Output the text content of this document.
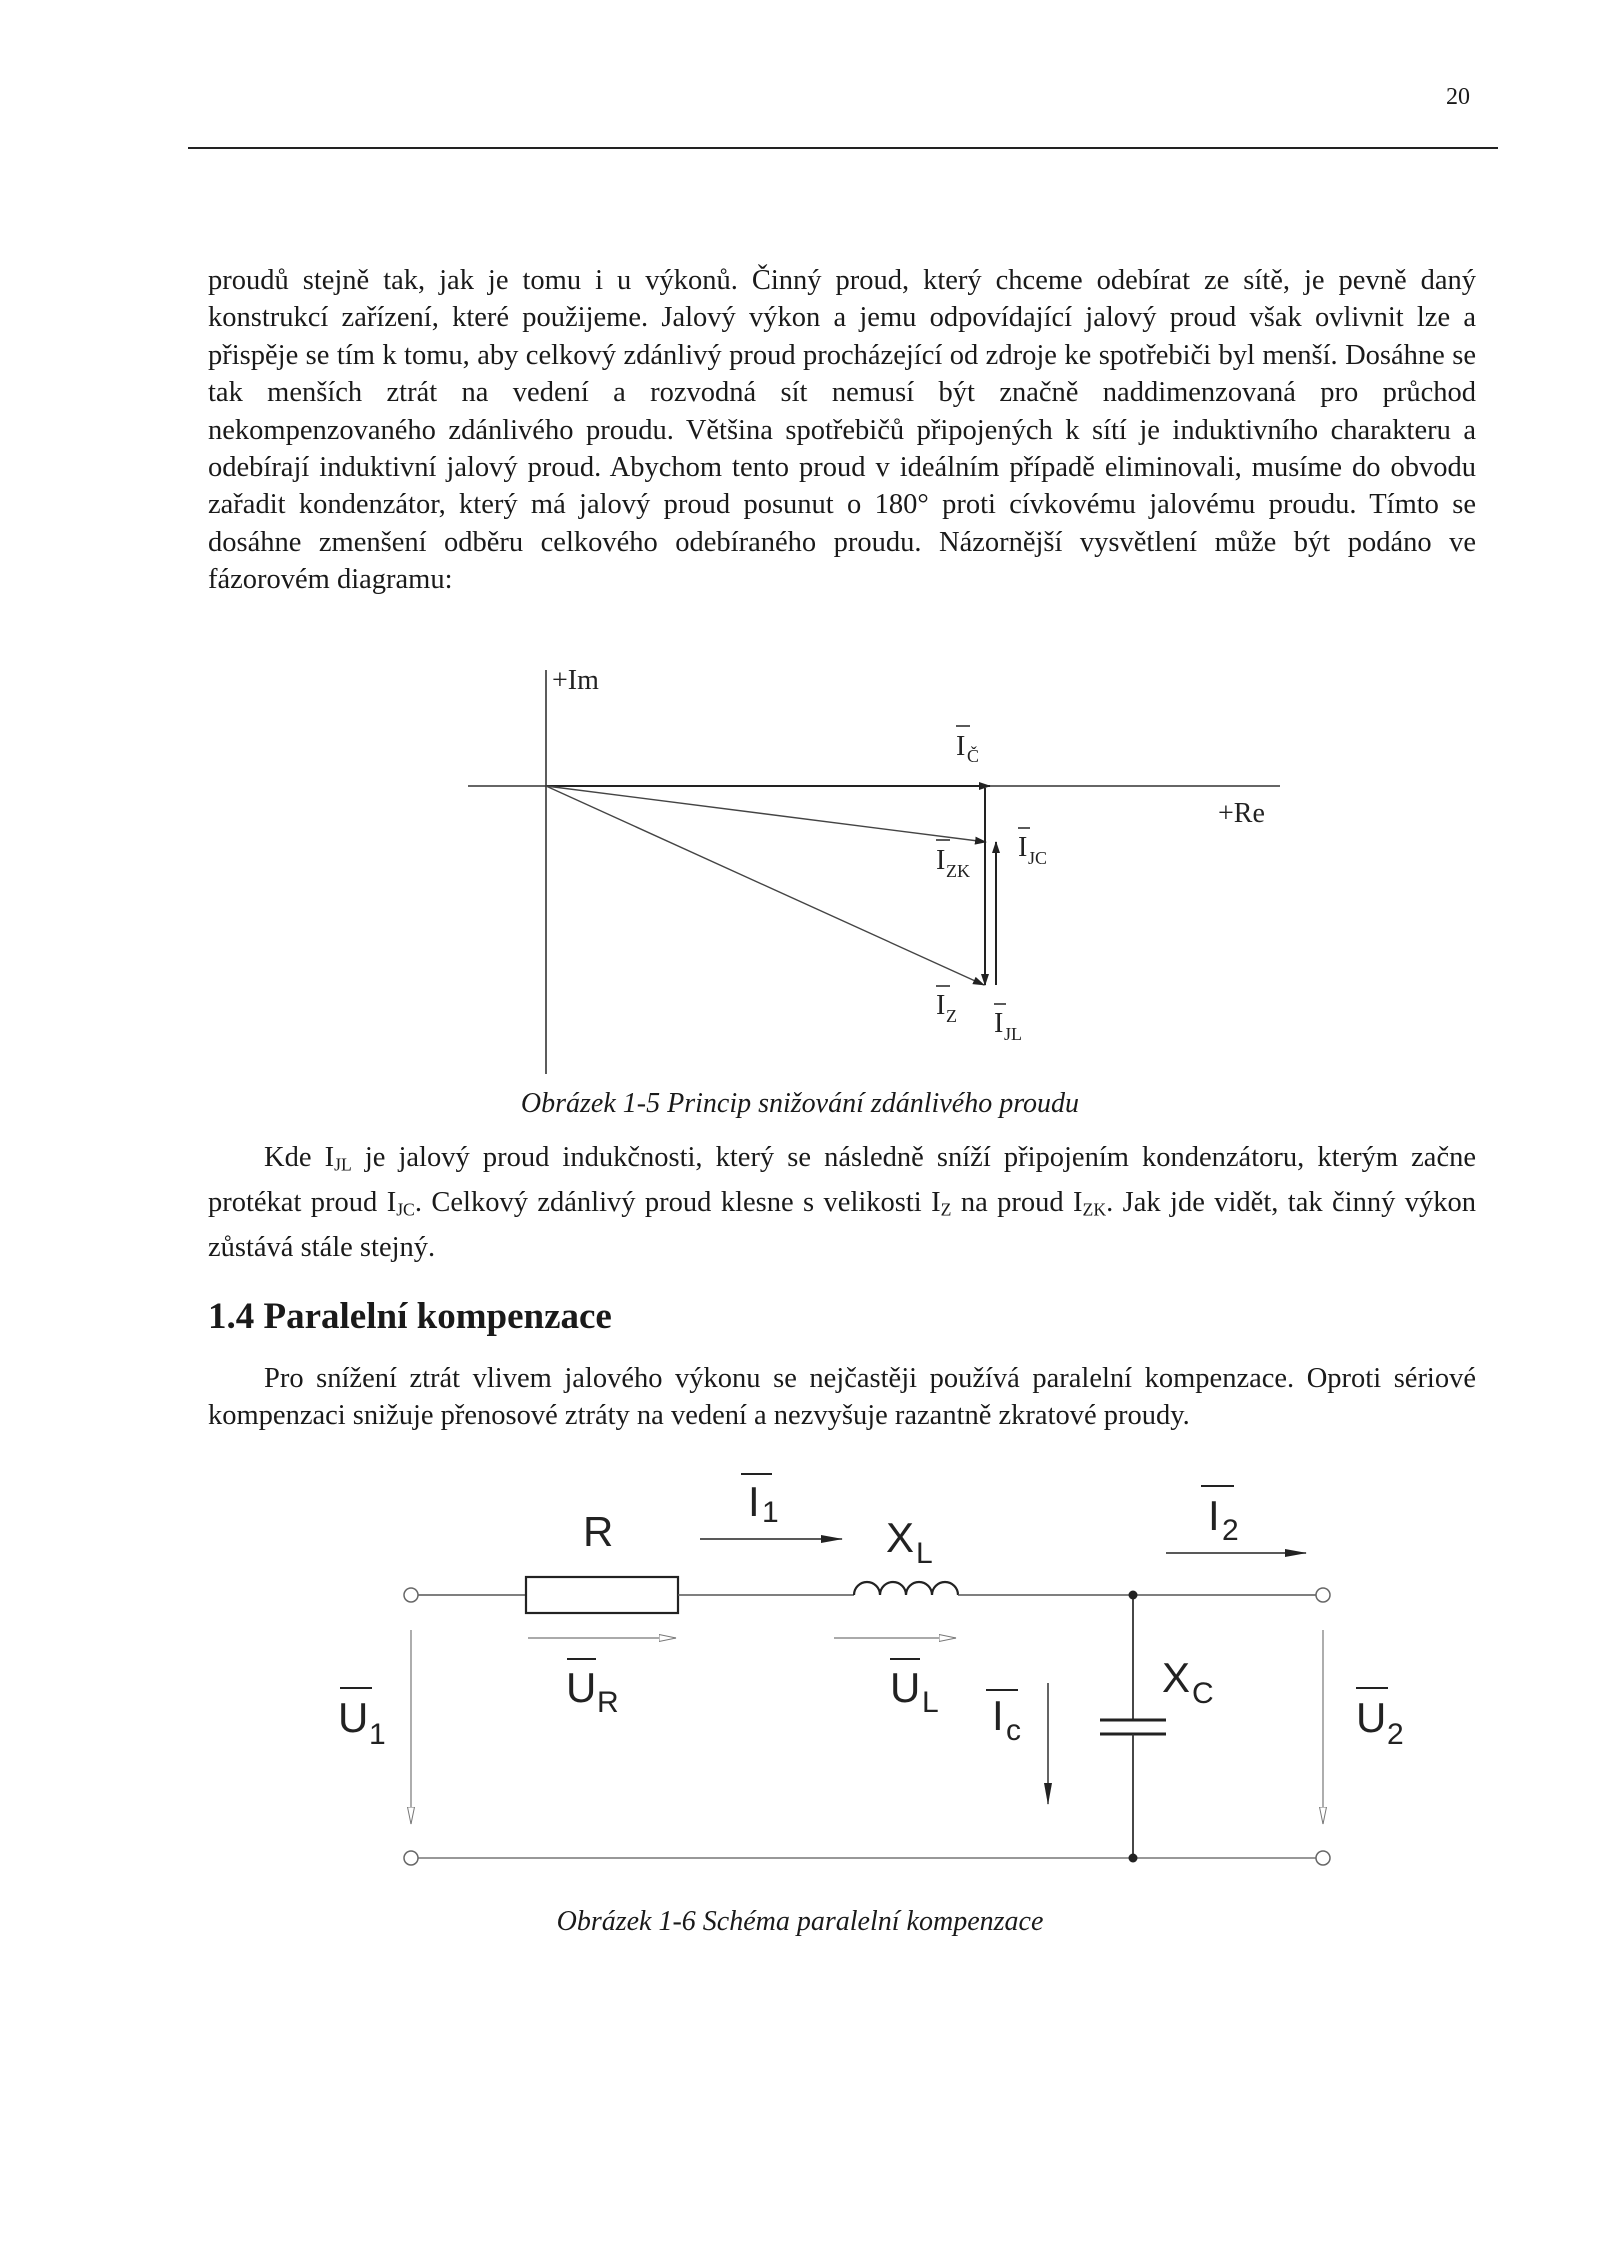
20

proudů stejně tak, jak je tomu i u výkonů. Činný proud, který chceme odebírat ze sítě, je pevně daný konstrukcí zařízení, které použijeme. Jalový výkon a jemu odpovídající jalový proud však ovlivnit lze a přispěje se tím k tomu, aby celkový zdánlivý proud procházející od zdroje ke spotřebiči byl menší. Dosáhne se tak menších ztrát na vedení a rozvodná sít nemusí být značně naddimenzovaná pro průchod nekompenzovaného zdánlivého proudu. Většina spotřebičů připojených k sítí je induktivního charakteru a odebírají induktivní jalový proud. Abychom tento proud v ideálním případě eliminovali, musíme do obvodu zařadit kondenzátor, který má jalový proud posunut o 180° proti cívkovému jalovému proudu. Tímto se dosáhne zmenšení odběru celkového odebíraného proudu. Názornější vysvětlení může být podáno ve fázorovém diagramu:

+Im
+Re
I Č
I ZK
I JC
I Z I JL
Obrázek 1-5 Princip snižování zdánlivého proudu

Kde $I_{JL}$ je jalový proud indukčnosti, který se následně sníží připojením kondenzátoru, kterým začne protékat proud $I_{JC}$. Celkový zdánlivý proud klesne s velikosti $I_Z$ na proud $I_{ZK}$. Jak jde vidět, tak činný výkon zůstává stále stejný.

1.4 Paralelní kompenzace

Pro snížení ztrát vlivem jalového výkonu se nejčastěji používá paralelní kompenzace. Oproti sériové kompenzaci snižuje přenosové ztráty na vedení a nezvyšuje razantně zkratové proudy.

R
I 1
X L
I 2
U R	U L I c
X C
U 1	U 2
Obrázek 1-6 Schéma paralelní kompenzace
